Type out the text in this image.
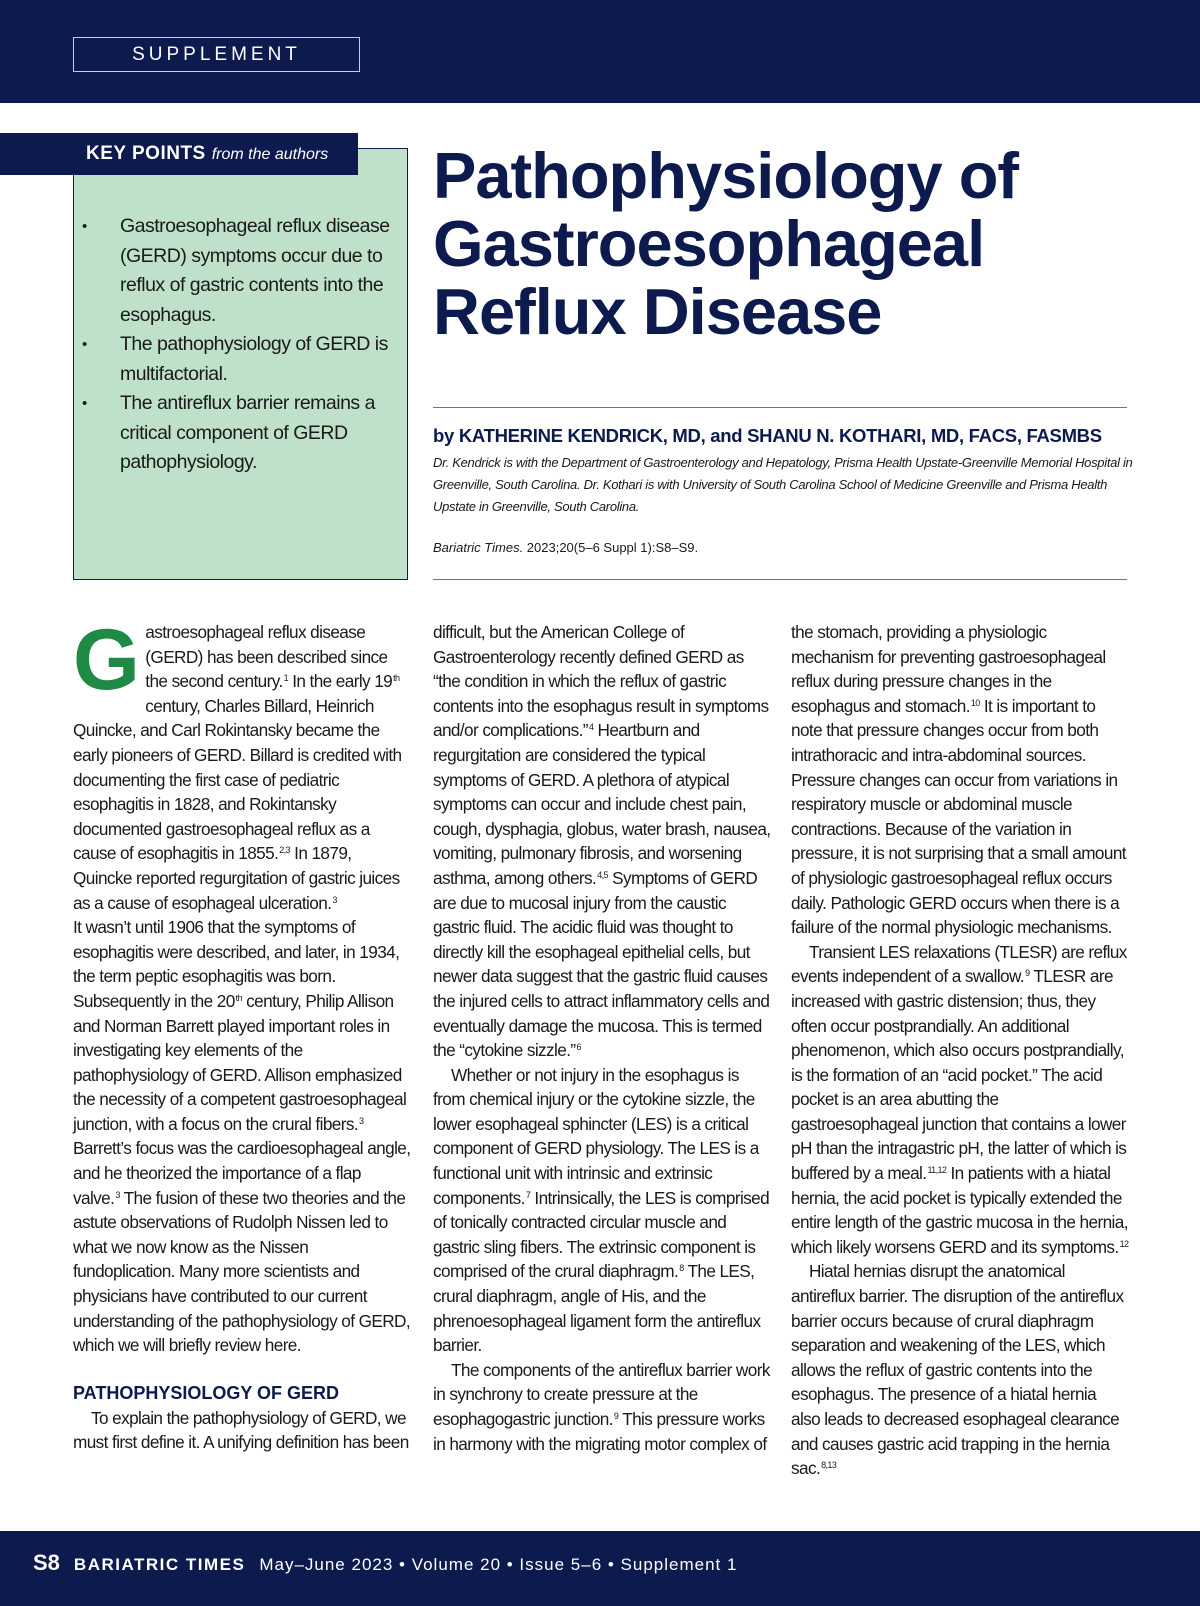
SUPPLEMENT
KEY POINTS from the authors
• Gastroesophageal reflux disease (GERD) symptoms occur due to reflux of gastric contents into the esophagus.
• The pathophysiology of GERD is multifactorial.
• The antireflux barrier remains a critical component of GERD pathophysiology.
Pathophysiology of Gastroesophageal Reflux Disease
by KATHERINE KENDRICK, MD, and SHANU N. KOTHARI, MD, FACS, FASMBS
Dr. Kendrick is with the Department of Gastroenterology and Hepatology, Prisma Health Upstate-Greenville Memorial Hospital in Greenville, South Carolina. Dr. Kothari is with University of South Carolina School of Medicine Greenville and Prisma Health Upstate in Greenville, South Carolina.
Bariatric Times. 2023;20(5–6 Suppl 1):S8–S9.

Gastroesophageal reflux disease (GERD) has been described since the second century.$^1$ In the early 19th century, Charles Billard, Heinrich Quincke, and Carl Rokintansky became the early pioneers of GERD. Billard is credited with documenting the first case of pediatric esophagitis in 1828, and Rokintansky documented gastroesophageal reflux as a cause of esophagitis in 1855.$^{2,3}$ In 1879, Quincke reported regurgitation of gastric juices as a cause of esophageal ulceration.$^3$

It wasn’t until 1906 that the symptoms of esophagitis were described, and later, in 1934, the term peptic esophagitis was born. Subsequently in the 20th century, Philip Allison and Norman Barrett played important roles in investigating key elements of the pathophysiology of GERD. Allison emphasized the necessity of a competent gastroesophageal junction, with a focus on the crural fibers.$^3$ Barrett’s focus was the cardioesophageal angle, and he theorized the importance of a flap valve.$^3$ The fusion of these two theories and the astute observations of Rudolph Nissen led to what we now know as the Nissen fundoplication. Many more scientists and physicians have contributed to our current understanding of the pathophysiology of GERD, which we will briefly review here.

PATHOPHYSIOLOGY OF GERD

To explain the pathophysiology of GERD, we must first define it. A unifying definition has been

difficult, but the American College of Gastroenterology recently defined GERD as “the condition in which the reflux of gastric contents into the esophagus result in symptoms and/or complications.”$^4$ Heartburn and regurgitation are considered the typical symptoms of GERD. A plethora of atypical symptoms can occur and include chest pain, cough, dysphagia, globus, water brash, nausea, vomiting, pulmonary fibrosis, and worsening asthma, among others.$^{4,5}$ Symptoms of GERD are due to mucosal injury from the caustic gastric fluid. The acidic fluid was thought to directly kill the esophageal epithelial cells, but newer data suggest that the gastric fluid causes the injured cells to attract inflammatory cells and eventually damage the mucosa. This is termed the “cytokine sizzle.”$^6$

Whether or not injury in the esophagus is from chemical injury or the cytokine sizzle, the lower esophageal sphincter (LES) is a critical component of GERD physiology. The LES is a functional unit with intrinsic and extrinsic components.$^7$ Intrinsically, the LES is comprised of tonically contracted circular muscle and gastric sling fibers. The extrinsic component is comprised of the crural diaphragm.$^8$ The LES, crural diaphragm, angle of His, and the phrenoesophageal ligament form the antireflux barrier.

The components of the antireflux barrier work in synchrony to create pressure at the esophagogastric junction.$^9$ This pressure works in harmony with the migrating motor complex of

the stomach, providing a physiologic mechanism for preventing gastroesophageal reflux during pressure changes in the esophagus and stomach.$^{10}$ It is important to note that pressure changes occur from both intrathoracic and intra-abdominal sources. Pressure changes can occur from variations in respiratory muscle or abdominal muscle contractions. Because of the variation in pressure, it is not surprising that a small amount of physiologic gastroesophageal reflux occurs daily. Pathologic GERD occurs when there is a failure of the normal physiologic mechanisms.

Transient LES relaxations (TLESR) are reflux events independent of a swallow.$^9$ TLESR are increased with gastric distension; thus, they often occur postprandially. An additional phenomenon, which also occurs postprandially, is the formation of an “acid pocket.” The acid pocket is an area abutting the gastroesophageal junction that contains a lower pH than the intragastric pH, the latter of which is buffered by a meal.$^{11,12}$ In patients with a hiatal hernia, the acid pocket is typically extended the entire length of the gastric mucosa in the hernia, which likely worsens GERD and its symptoms.$^{12}$

Hiatal hernias disrupt the anatomical antireflux barrier. The disruption of the antireflux barrier occurs because of crural diaphragm separation and weakening of the LES, which allows the reflux of gastric contents into the esophagus. The presence of a hiatal hernia also leads to decreased esophageal clearance and causes gastric acid trapping in the hernia sac.$^{8,13}$

S8 BARIATRIC TIMES May–June 2023 • Volume 20 • Issue 5–6 • Supplement 1
